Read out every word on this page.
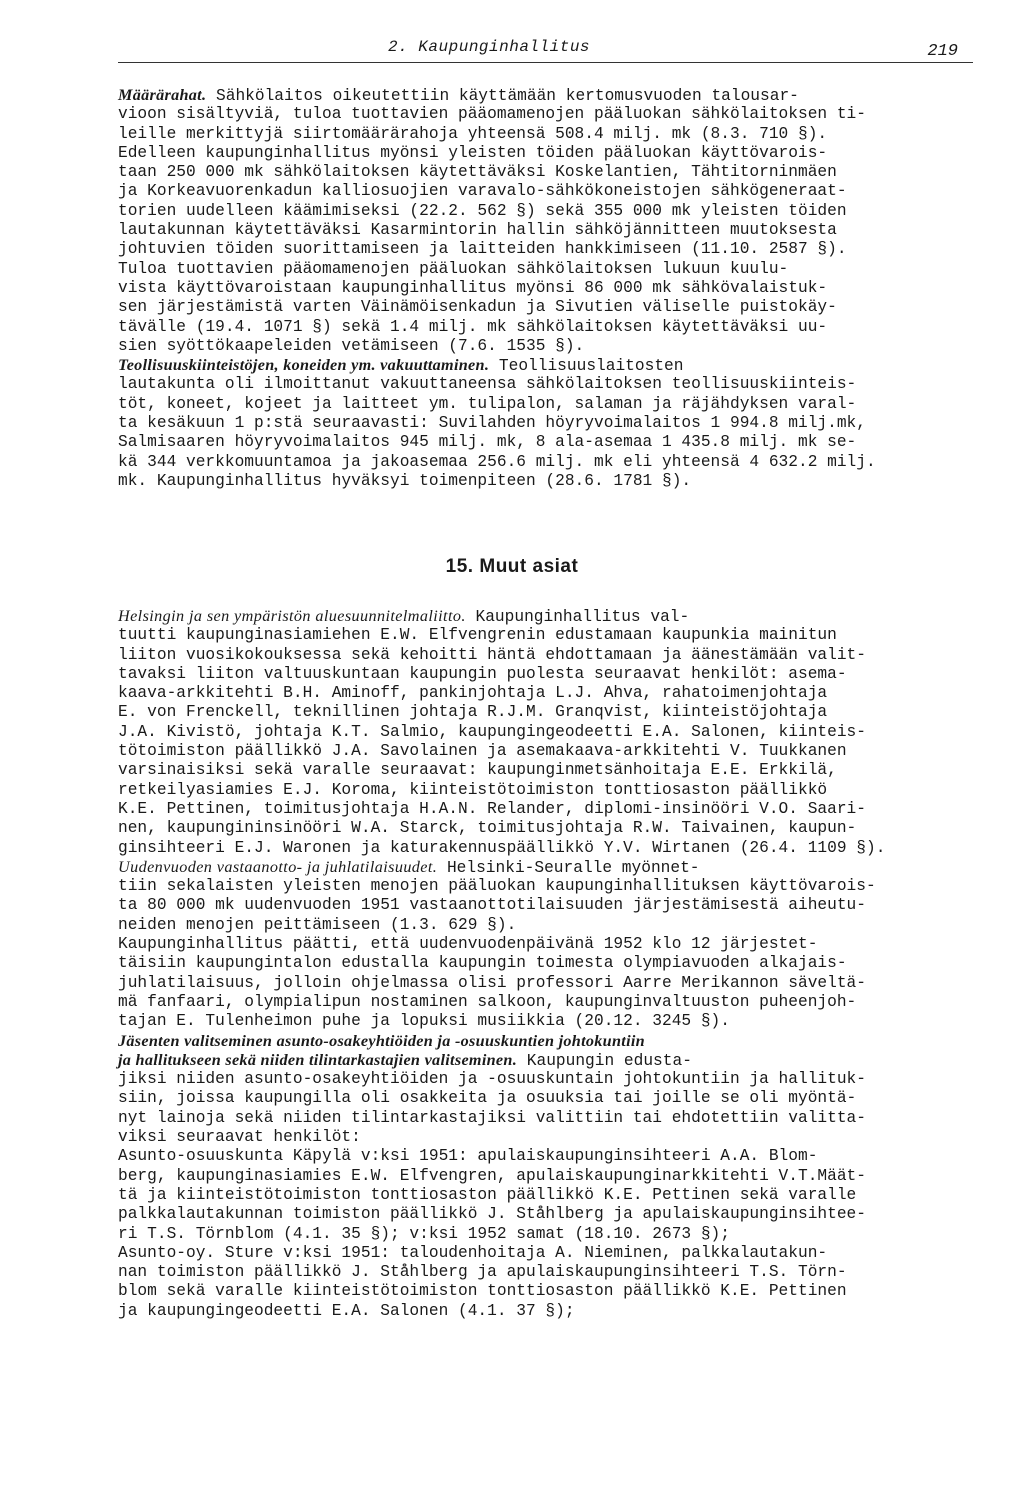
2. Kaupunginhallitus	219
Määrärahat. Sähkölaitos oikeutettiin käyttämään kertomusvuoden talousar-
vioon sisältyviä, tuloa tuottavien pääomamenojen pääluokan sähkölaitoksen ti-
leille merkittyjä siirtomäärärahoja yhteensä 508.4 milj. mk (8.3. 710 §).
Edelleen kaupunginhallitus myönsi yleisten töiden pääluokan käyttövarois-
taan 250 000 mk sähkölaitoksen käytettäväksi Koskelantien, Tähtitorninmäen
ja Korkeavuorenkadun kalliosuojien varavalo-sähkökoneistojen sähkögeneraat-
torien uudelleen käämimiseksi (22.2. 562 §) sekä 355 000 mk yleisten töiden
lautakunnan käytettäväksi Kasarmintorin hallin sähköjännitteen muutoksesta
johtuvien töiden suorittamiseen ja laitteiden hankkimiseen (11.10. 2587 §).
Tuloa tuottavien pääomamenojen pääluokan sähkölaitoksen lukuun kuulu-
vista käyttövaroistaan kaupunginhallitus myönsi 86 000 mk sähkövalaistuk-
sen järjestämistä varten Väinämöisenkadun ja Sivutien väliselle puistokäy-
tävälle (19.4. 1071 §) sekä 1.4 milj. mk sähkölaitoksen käytettäväksi uu-
sien syöttökaapeleiden vetämiseen (7.6. 1535 §).
Teollisuuskiinteistöjen, koneiden ym. vakuuttaminen. Teollisuuslaitosten
lautakunta oli ilmoittanut vakuuttaneensa sähkölaitoksen teollisuuskiinteis-
töt, koneet, kojeet ja laitteet ym. tulipalon, salaman ja räjähdyksen varal-
ta kesäkuun 1 p:stä seuraavasti: Suvilahden höyryvoimalaitos 1 994.8 milj.mk,
Salmisaaren höyryvoimalaitos 945 milj. mk, 8 ala-asemaa 1 435.8 milj. mk se-
kä 344 verkkomuuntamoa ja jakoasemaa 256.6 milj. mk eli yhteensä 4 632.2 milj.
mk. Kaupunginhallitus hyväksyi toimenpiteen (28.6. 1781 §).
15. Muut asiat
Helsingin ja sen ympäristön aluesuunnitelmaliitto. Kaupunginhallitus val-
tuutti kaupunginasiamiehen E.W. Elfvengrenin edustamaan kaupunkia mainitun
liiton vuosikokouksessa sekä kehoitti häntä ehdottamaan ja äänestämään valit-
tavaksi liiton valtuuskuntaan kaupungin puolesta seuraavat henkilöt: asema-
kaava-arkkitehti B.H. Aminoff, pankinjohtaja L.J. Ahva, rahatoimenjohtaja
E. von Frenckell, teknillinen johtaja R.J.M. Granqvist, kiinteistöjohtaja
J.A. Kivistö, johtaja K.T. Salmio, kaupungingeodeetti E.A. Salonen, kiinteis-
tötoimiston päällikkö J.A. Savolainen ja asemakaava-arkkitehti V. Tuukkanen
varsinaisiksi sekä varalle seuraavat: kaupunginmetsänhoitaja E.E. Erkkilä,
retkeilyasiamies E.J. Koroma, kiinteistötoimiston tonttiosaston päällikkö
K.E. Pettinen, toimitusjohtaja H.A.N. Relander, diplomi-insinööri V.O. Saari-
nen, kaupungininsinööri W.A. Starck, toimitusjohtaja R.W. Taivainen, kaupun-
ginsihteeri E.J. Waronen ja katurakennuspäällikkö Y.V. Wirtanen (26.4. 1109 §).
Uudenvuoden vastaanotto- ja juhlatilaisuudet. Helsinki-Seuralle myönnet-
tiin sekalaisten yleisten menojen pääluokan kaupunginhallituksen käyttövarois-
ta 80 000 mk uudenvuoden 1951 vastaanottotilaisuuden järjestämisestä aiheutu-
neiden menojen peittämiseen (1.3. 629 §).
Kaupunginhallitus päätti, että uudenvuodenpäivänä 1952 klo 12 järjestet-
täisiin kaupungintalon edustalla kaupungin toimesta olympiavuoden alkajais-
juhlatilaisuus, jolloin ohjelmassa olisi professori Aarre Merikannon säveltä-
mä fanfaari, olympialipun nostaminen salkoon, kaupunginvaltuuston puheenjoh-
tajan E. Tulenheimon puhe ja lopuksi musiikkia (20.12. 3245 §).
Jäsenten valitseminen asunto-osakeyhtiöiden ja -osuuskuntien johtokuntiin
ja hallitukseen sekä niiden tilintarkastajien valitseminen. Kaupungin edusta-
jiksi niiden asunto-osakeyhtiöiden ja -osuuskuntain johtokuntiin ja hallituk-
siin, joissa kaupungilla oli osakkeita ja osuuksia tai joille se oli myöntä-
nyt lainoja sekä niiden tilintarkastajiksi valittiin tai ehdotettiin valitta-
viksi seuraavat henkilöt:
Asunto-osuuskunta Käpylä v:ksi 1951: apulaiskaupunginsihteeri A.A. Blom-
berg, kaupunginasiamies E.W. Elfvengren, apulaiskaupunginarkkitehti V.T.Määt-
tä ja kiinteistötoimiston tonttiosaston päällikkö K.E. Pettinen sekä varalle
palkkalautakunnan toimiston päällikkö J. Ståhlberg ja apulaiskaupunginsihtee-
ri T.S. Törnblom (4.1. 35 §); v:ksi 1952 samat (18.10. 2673 §);
Asunto-oy. Sture v:ksi 1951: taloudenhoitaja A. Nieminen, palkkalautakun-
nan toimiston päällikkö J. Ståhlberg ja apulaiskaupunginsihteeri T.S. Törn-
blom sekä varalle kiinteistötoimiston tonttiosaston päällikkö K.E. Pettinen
ja kaupungingeodeetti E.A. Salonen (4.1. 37 §);
